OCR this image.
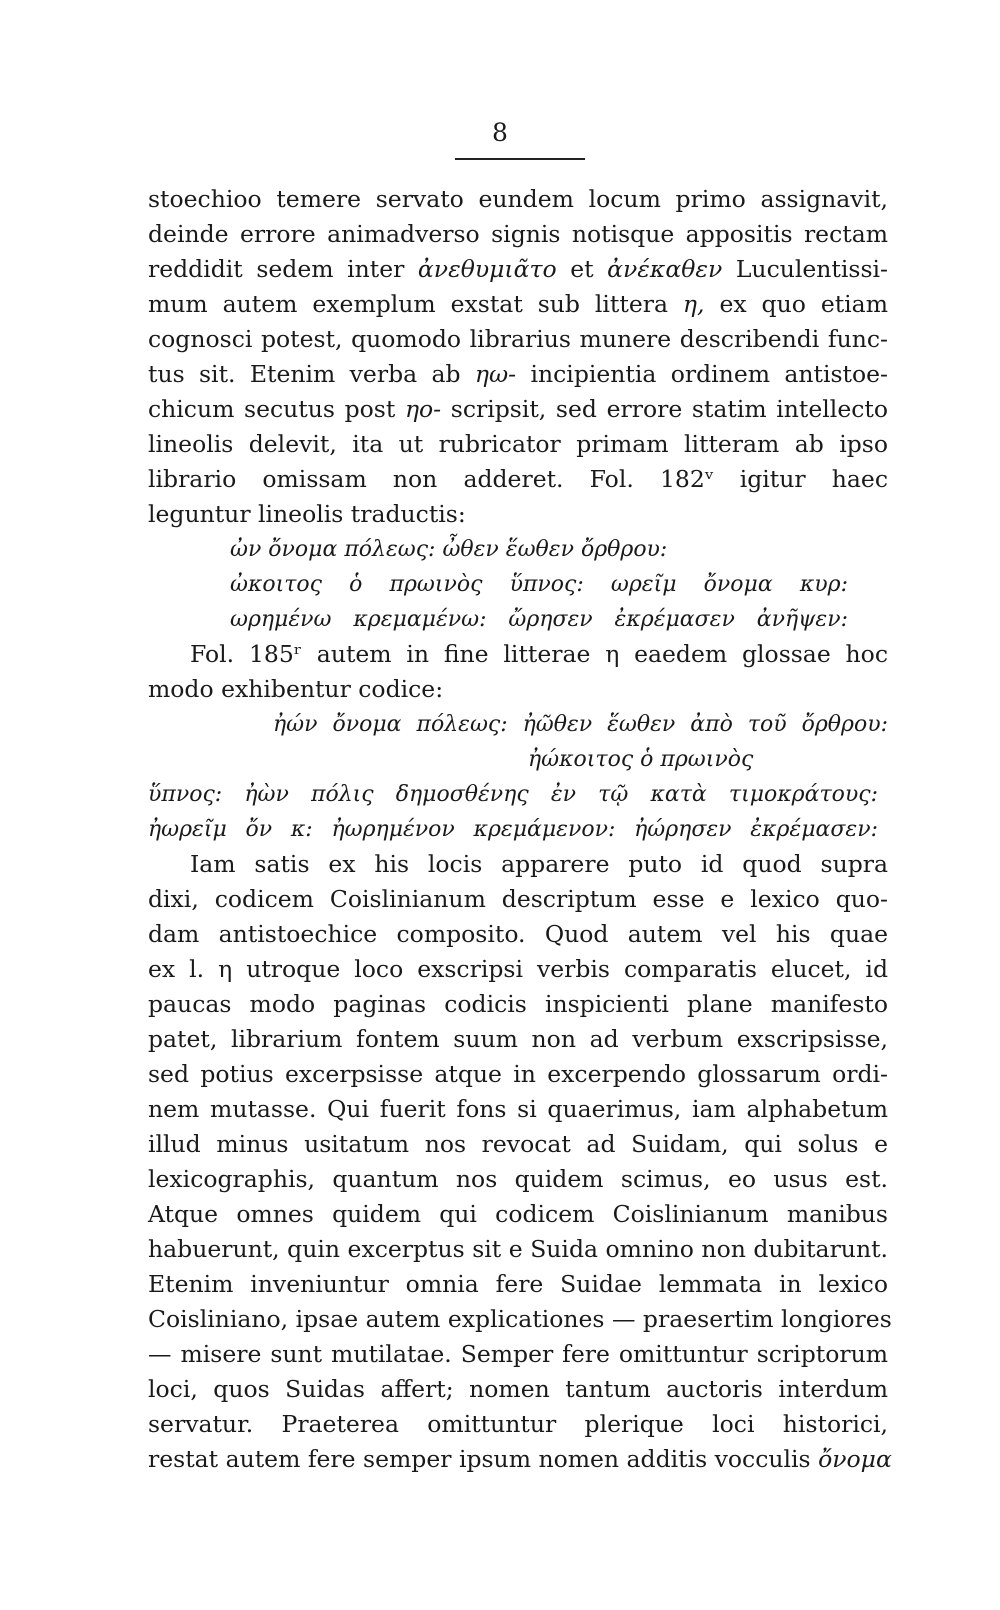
8
stoechioo temere servato eundem locum primo assignavit,
deinde errore animadverso signis notisque appositis rectam
reddidit sedem inter ἀνεθυμιᾶτο et ἀνέκαθεν Luculentissi-
mum autem exemplum exstat sub littera η, ex quo etiam
cognosci potest, quomodo librarius munere describendi func-
tus sit. Etenim verba ab ηω- incipientia ordinem antistoe-
chicum secutus post ηο- scripsit, sed errore statim intellecto
lineolis delevit, ita ut rubricator primam litteram ab ipso
librario omissam non adderet. Fol. 182ᵛ igitur haec
leguntur lineolis traductis:
ὠν ὄνομα πόλεως: ὦθεν ἕωθεν ὄρθρου:
ὠκοιτος ὁ πρωινὸς ὕπνος: ωρεῖμ ὄνομα κυρ:
ωρημένω κρεμαμένω: ὤρησεν ἐκρέμασεν ἀνῆψεν:
Fol. 185ʳ autem in fine litterae η eaedem glossae hoc
modo exhibentur codice:
ἠών ὄνομα πόλεως: ἠῶθεν ἕωθεν ἀπὸ τοῦ ὄρθρου:
ἠώκοιτος ὁ πρωινὸς
ὕπνος: ἠὼν πόλις δημοσθένης ἐν τῷ κατὰ τιμοκράτους:
ἠωρεῖμ ὄν κ: ἠωρημένον κρεμάμενον: ἠώρησεν ἐκρέμασεν:
Iam satis ex his locis apparere puto id quod supra
dixi, codicem Coislinianum descriptum esse e lexico quo-
dam antistoechice composito. Quod autem vel his quae
ex l. η utroque loco exscripsi verbis comparatis elucet, id
paucas modo paginas codicis inspicienti plane manifesto
patet, librarium fontem suum non ad verbum exscripsisse,
sed potius excerpsisse atque in excerpendo glossarum ordi-
nem mutasse. Qui fuerit fons si quaerimus, iam alphabetum
illud minus usitatum nos revocat ad Suidam, qui solus e
lexicographis, quantum nos quidem scimus, eo usus est.
Atque omnes quidem qui codicem Coislinianum manibus
habuerunt, quin excerptus sit e Suida omnino non dubitarunt.
Etenim inveniuntur omnia fere Suidae lemmata in lexico
Coisliniano, ipsae autem explicationes — praesertim longiores
— misere sunt mutilatae. Semper fere omittuntur scriptorum
loci, quos Suidas affert; nomen tantum auctoris interdum
servatur. Praeterea omittuntur plerique loci historici,
restat autem fere semper ipsum nomen additis vocculis ὄνομα
